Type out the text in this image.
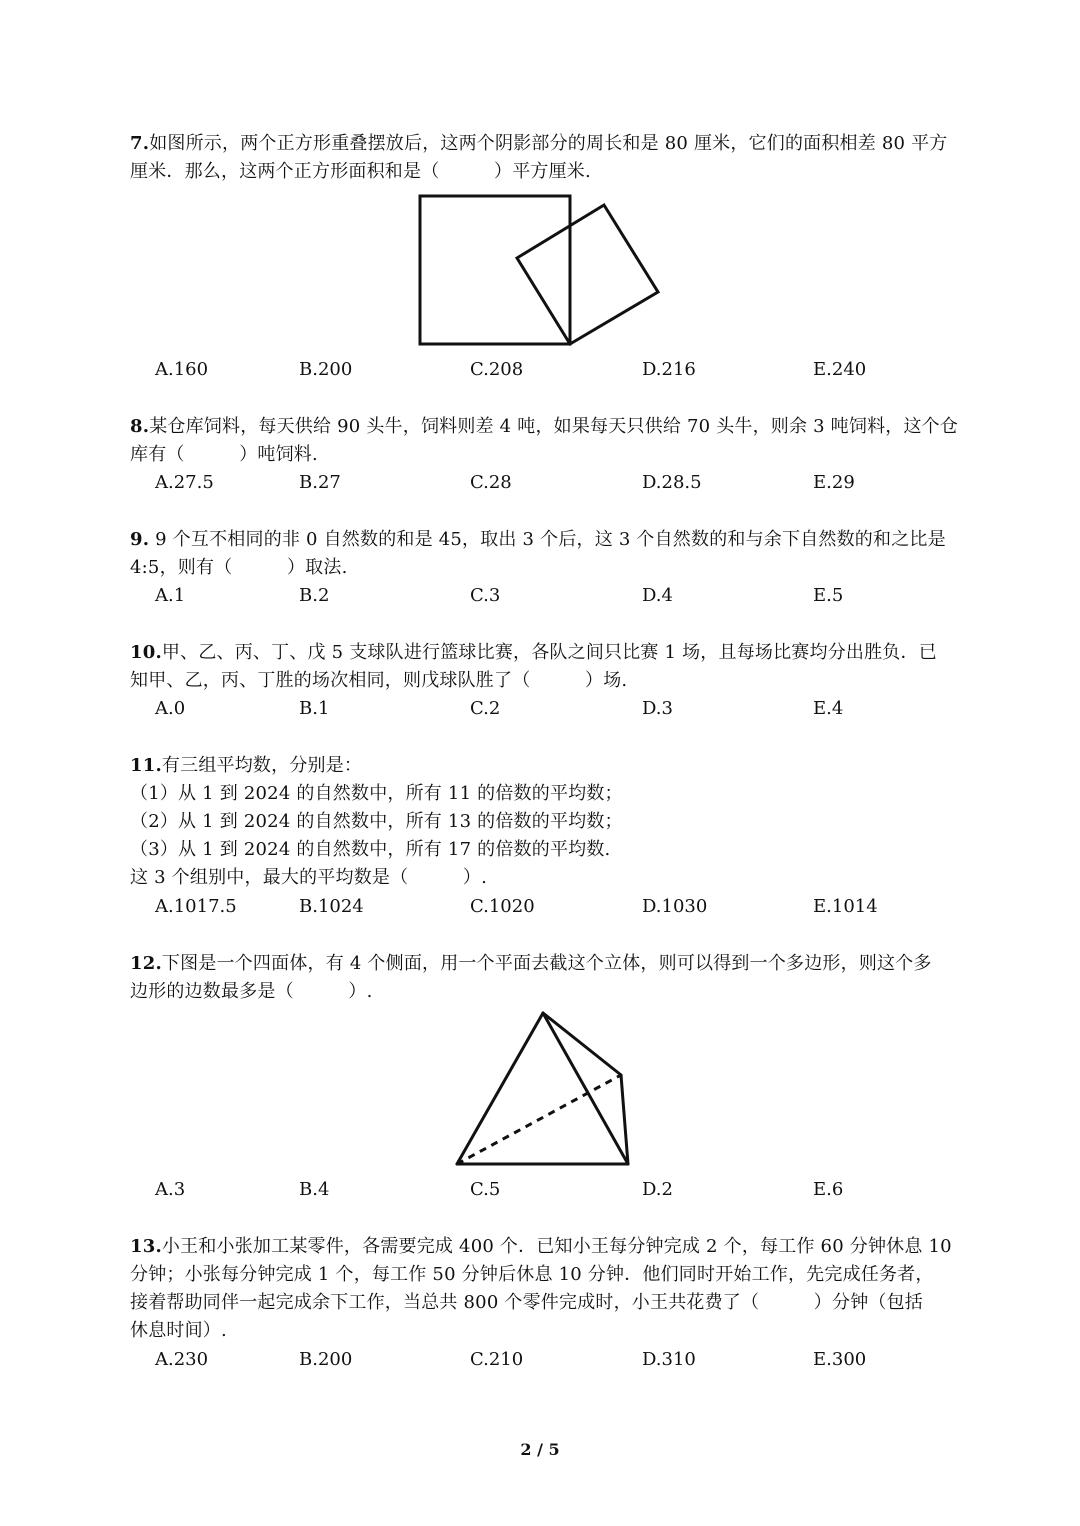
7.如图所示，两个正方形重叠摆放后，这两个阴影部分的周长和是 80 厘米，它们的面积相差 80 平方
厘米．那么，这两个正方形面积和是（　　　）平方厘米.
A.160	B.200	C.208	D.216	E.240
8.某仓库饲料，每天供给 90 头牛，饲料则差 4 吨，如果每天只供给 70 头牛，则余 3 吨饲料，这个仓
库有（　　　）吨饲料.
A.27.5	B.27	C.28	D.28.5	E.29
9. 9 个互不相同的非 0 自然数的和是 45，取出 3 个后，这 3 个自然数的和与余下自然数的和之比是
4:5，则有（　　　）取法.
A.1	B.2	C.3	D.4	E.5
10.甲、乙、丙、丁、戊 5 支球队进行篮球比赛，各队之间只比赛 1 场，且每场比赛均分出胜负．已
知甲、乙，丙、丁胜的场次相同，则戊球队胜了（　　　）场.
A.0	B.1	C.2	D.3	E.4
11.有三组平均数，分别是：
（1）从 1 到 2024 的自然数中，所有 11 的倍数的平均数；
（2）从 1 到 2024 的自然数中，所有 13 的倍数的平均数；
（3）从 1 到 2024 的自然数中，所有 17 的倍数的平均数.
这 3 个组别中，最大的平均数是（　　　）.
A.1017.5	B.1024	C.1020	D.1030	E.1014
12.下图是一个四面体，有 4 个侧面，用一个平面去截这个立体，则可以得到一个多边形，则这个多
边形的边数最多是（　　　）.
A.3	B.4	C.5	D.2	E.6
13.小王和小张加工某零件，各需要完成 400 个．已知小王每分钟完成 2 个，每工作 60 分钟休息 10
分钟；小张每分钟完成 1 个，每工作 50 分钟后休息 10 分钟．他们同时开始工作，先完成任务者，
接着帮助同伴一起完成余下工作，当总共 800 个零件完成时，小王共花费了（　　　）分钟（包括
休息时间）.
A.230	B.200	C.210	D.310	E.300
2 / 5
